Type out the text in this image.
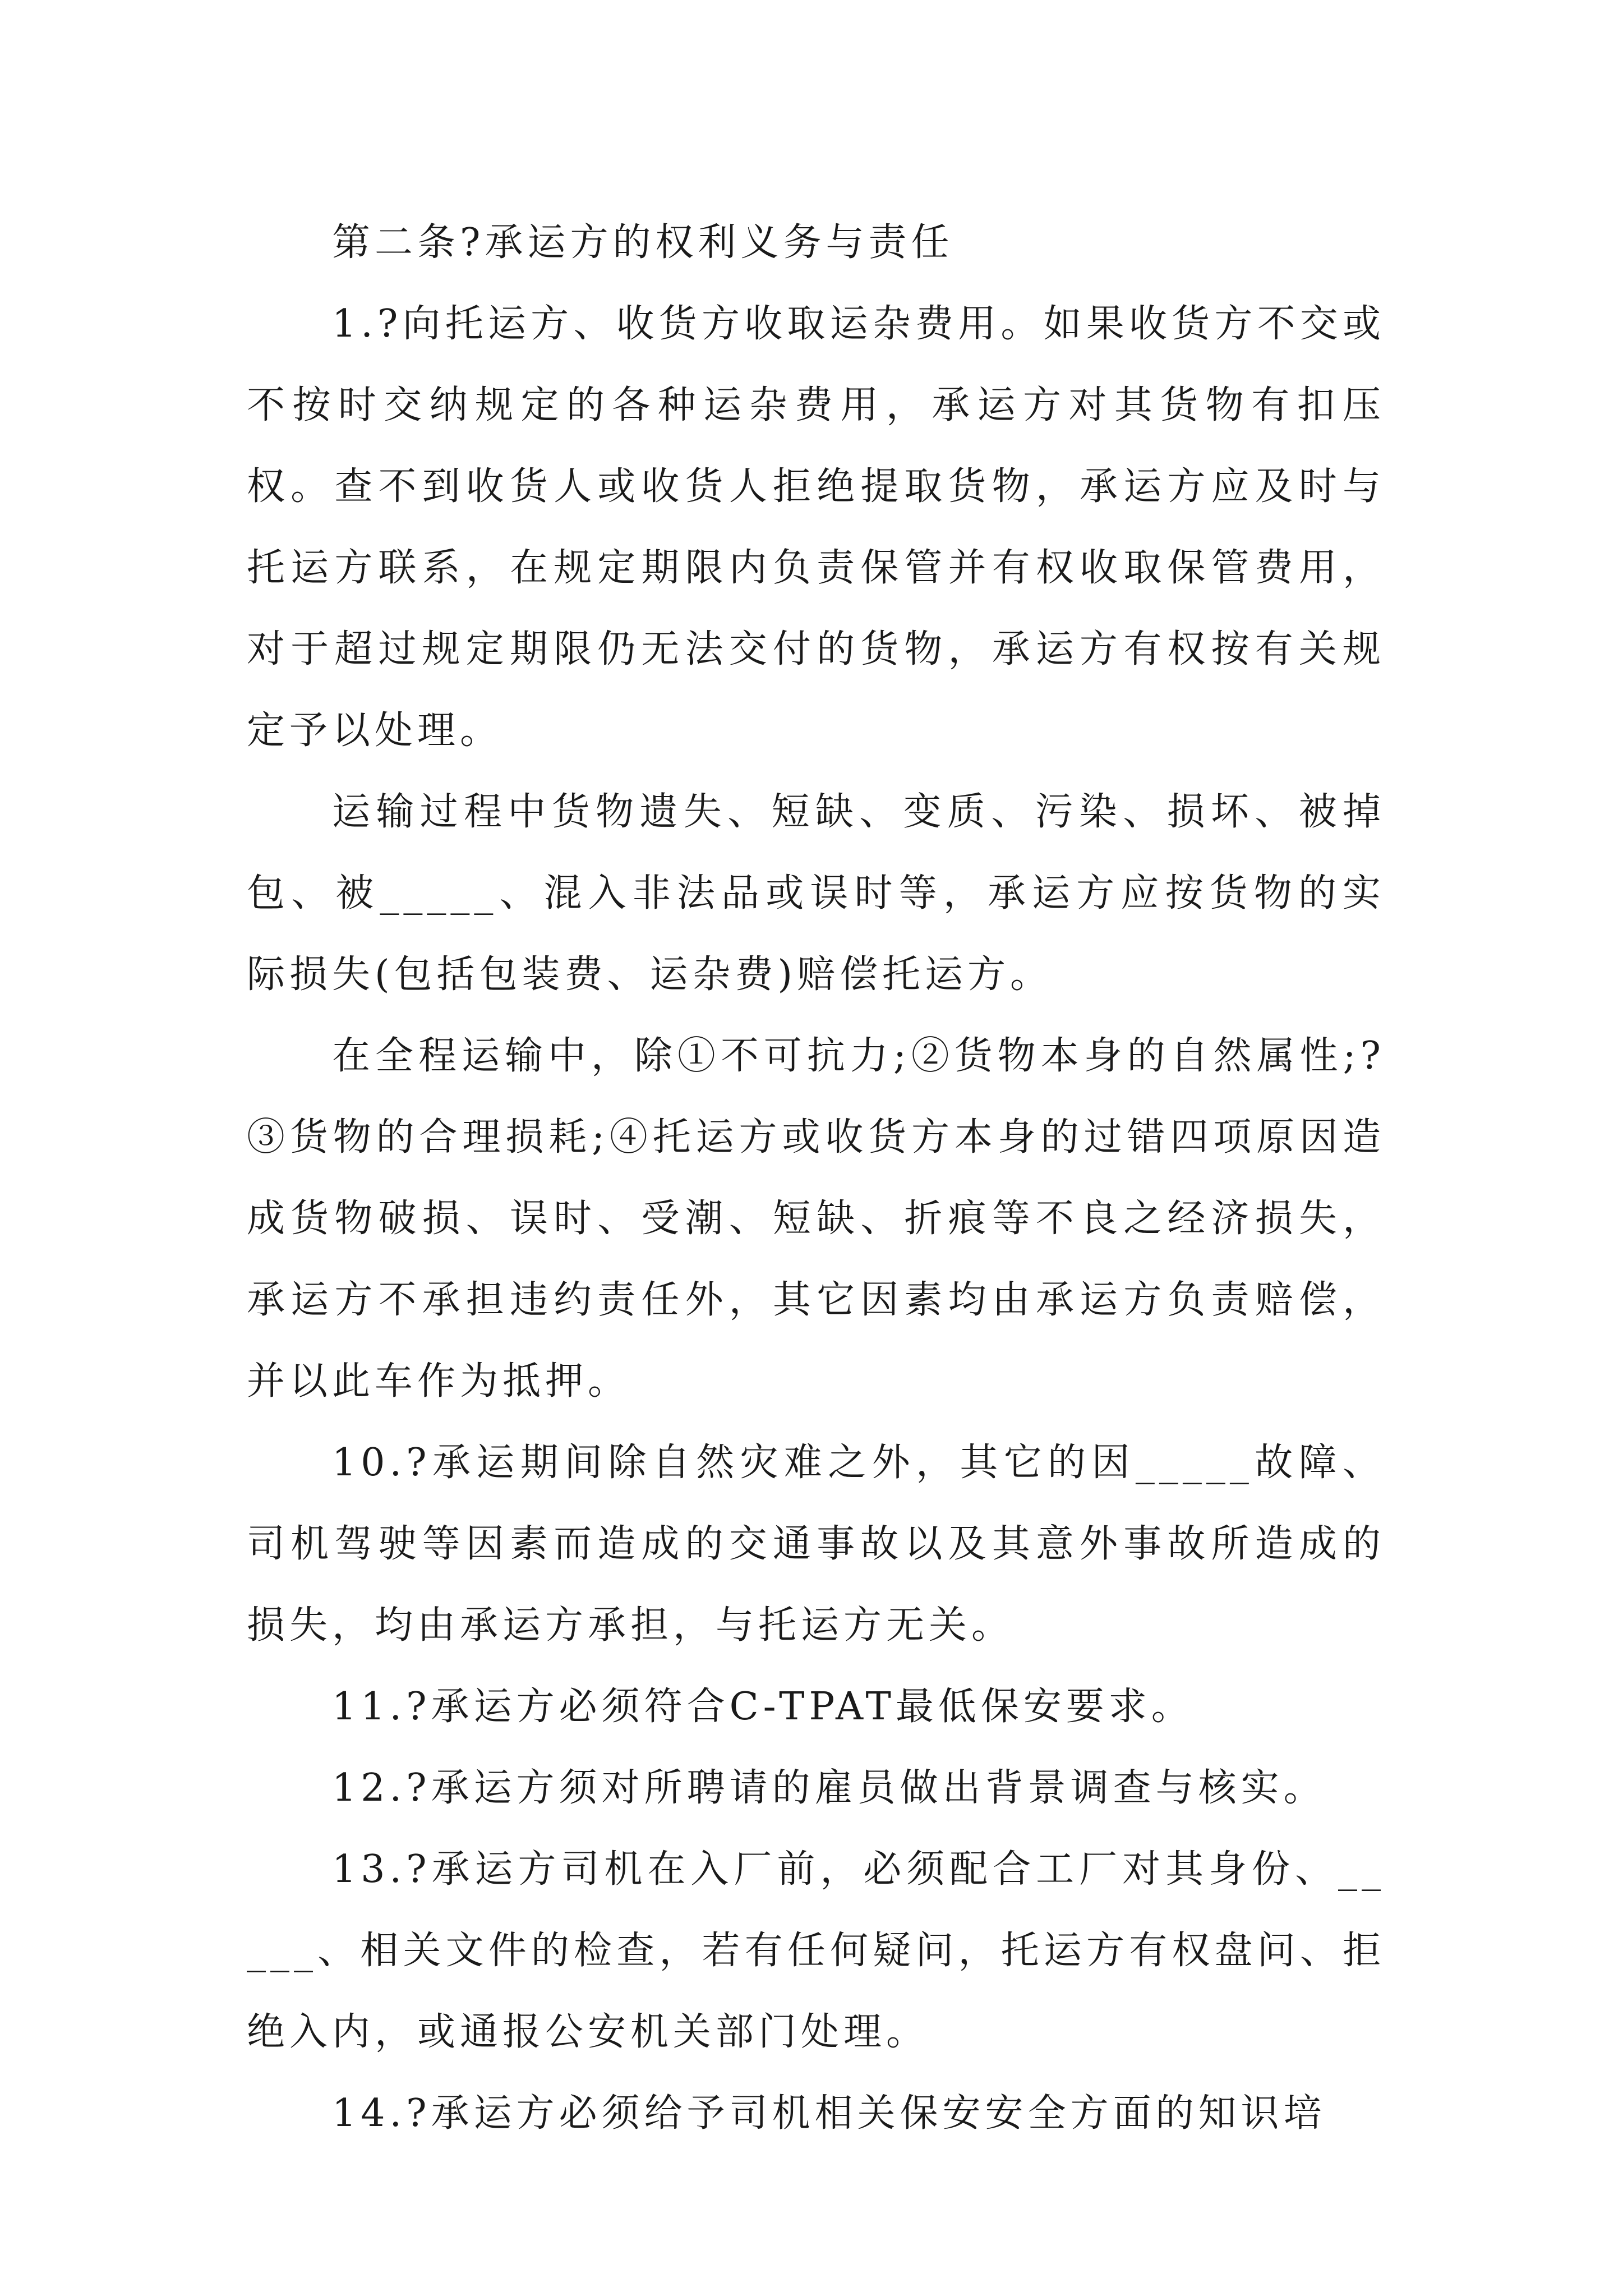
第二条?承运方的权利义务与责任

1.?向托运方、收货方收取运杂费用。如果收货方不交或不按时交纳规定的各种运杂费用，承运方对其货物有扣压权。查不到收货人或收货人拒绝提取货物，承运方应及时与托运方联系，在规定期限内负责保管并有权收取保管费用，对于超过规定期限仍无法交付的货物，承运方有权按有关规定予以处理。

运输过程中货物遗失、短缺、变质、污染、损坏、被掉包、被_____、混入非法品或误时等，承运方应按货物的实际损失(包括包装费、运杂费)赔偿托运方。

在全程运输中，除①不可抗力;②货物本身的自然属性;?③货物的合理损耗;④托运方或收货方本身的过错四项原因造成货物破损、误时、受潮、短缺、折痕等不良之经济损失，承运方不承担违约责任外，其它因素均由承运方负责赔偿，并以此车作为抵押。

10.?承运期间除自然灾难之外，其它的因_____故障、司机驾驶等因素而造成的交通事故以及其意外事故所造成的损失，均由承运方承担，与托运方无关。

11.?承运方必须符合C-TPAT最低保安要求。

12.?承运方须对所聘请的雇员做出背景调查与核实。

13.?承运方司机在入厂前，必须配合工厂对其身份、_____、相关文件的检查，若有任何疑问，托运方有权盘问、拒绝入内，或通报公安机关部门处理。

14.?承运方必须给予司机相关保安安全方面的知识培
